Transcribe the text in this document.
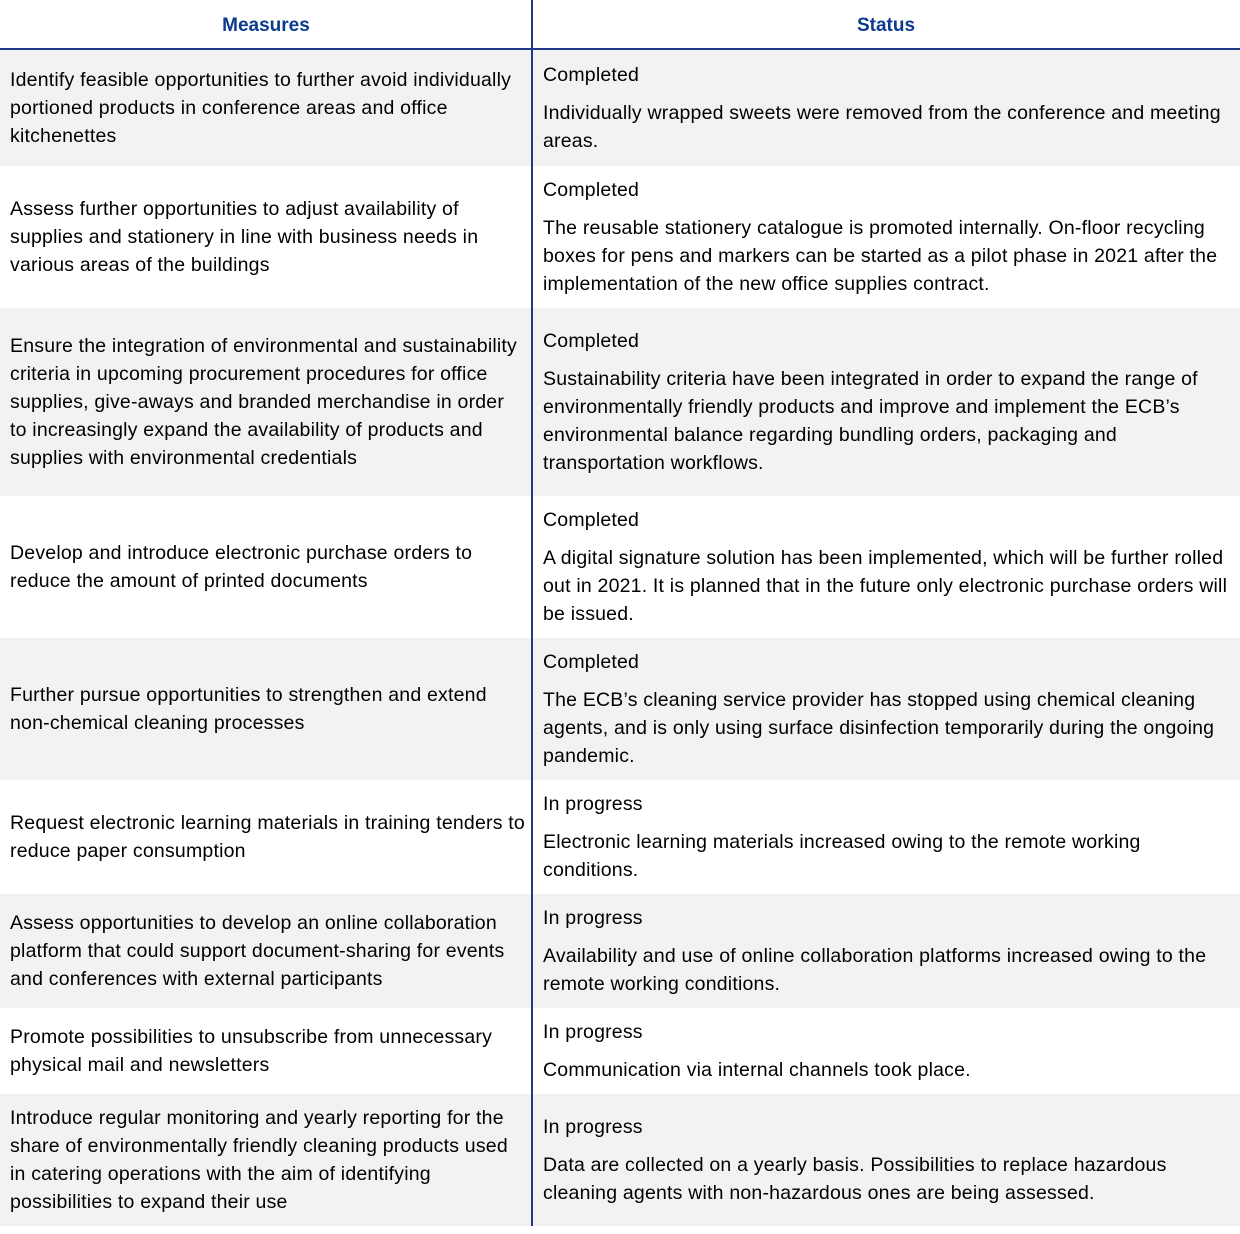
Measures	Status
Identify feasible opportunities to further avoid individually portioned products in conference areas and office kitchenettes
Completed
Individually wrapped sweets were removed from the conference and meeting areas.
Assess further opportunities to adjust availability of supplies and stationery in line with business needs in various areas of the buildings
Completed
The reusable stationery catalogue is promoted internally. On-floor recycling boxes for pens and markers can be started as a pilot phase in 2021 after the implementation of the new office supplies contract.
Ensure the integration of environmental and sustainability criteria in upcoming procurement procedures for office supplies, give-aways and branded merchandise in order to increasingly expand the availability of products and supplies with environmental credentials
Completed
Sustainability criteria have been integrated in order to expand the range of environmentally friendly products and improve and implement the ECB’s environmental balance regarding bundling orders, packaging and transportation workflows.
Develop and introduce electronic purchase orders to reduce the amount of printed documents
Completed
A digital signature solution has been implemented, which will be further rolled out in 2021. It is planned that in the future only electronic purchase orders will be issued.
Further pursue opportunities to strengthen and extend non-chemical cleaning processes
Completed
The ECB’s cleaning service provider has stopped using chemical cleaning agents, and is only using surface disinfection temporarily during the ongoing pandemic.
Request electronic learning materials in training tenders to reduce paper consumption
In progress
Electronic learning materials increased owing to the remote working conditions.
Assess opportunities to develop an online collaboration platform that could support document-sharing for events and conferences with external participants
In progress
Availability and use of online collaboration platforms increased owing to the remote working conditions.
Promote possibilities to unsubscribe from unnecessary physical mail and newsletters
In progress
Communication via internal channels took place.
Introduce regular monitoring and yearly reporting for the share of environmentally friendly cleaning products used in catering operations with the aim of identifying possibilities to expand their use
In progress
Data are collected on a yearly basis. Possibilities to replace hazardous cleaning agents with non-hazardous ones are being assessed.
